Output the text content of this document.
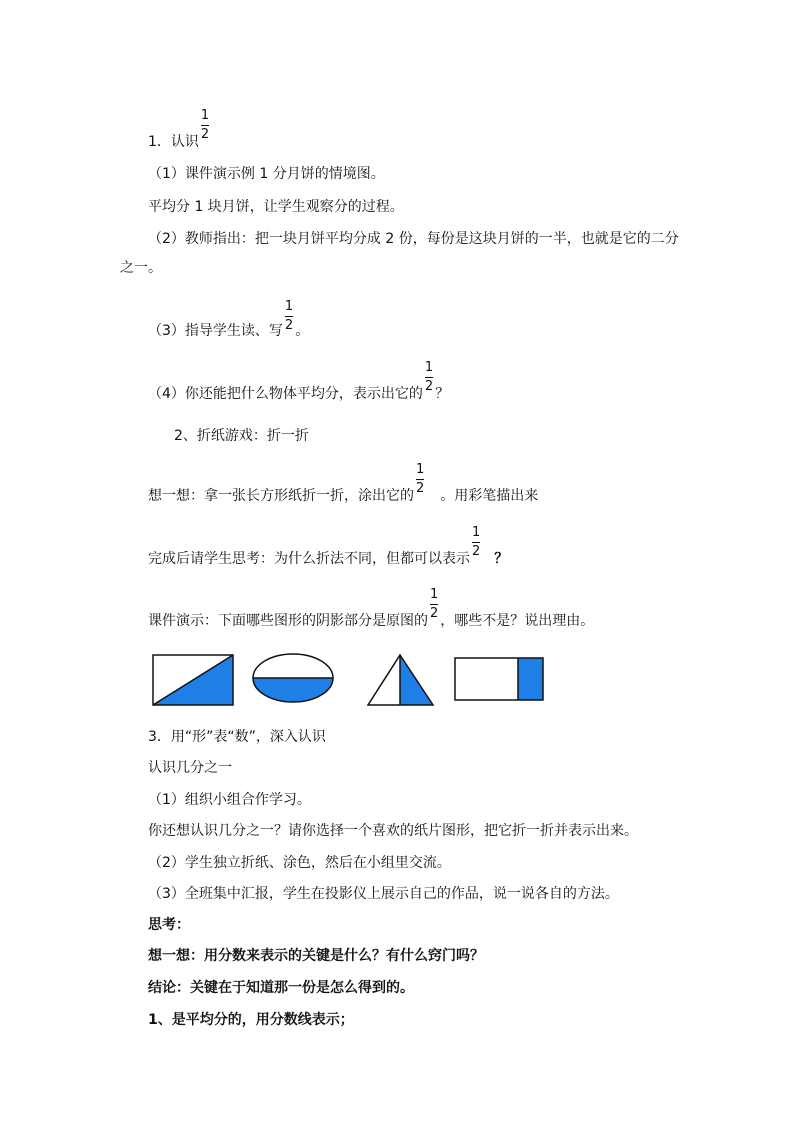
1．认识 $\frac{1}{2}$
（1）课件演示例 1 分月饼的情境图。
平均分 1 块月饼，让学生观察分的过程。
（2）教师指出：把一块月饼平均分成 2 份，每份是这块月饼的一半，也就是它的二分
之一。
（3）指导学生读、写 $\frac{1}{2}$ 。
（4）你还能把什么物体平均分，表示出它的 $\frac{1}{2}$ ？
2、折纸游戏：折一折
想一想：拿一张长方形纸折一折，涂出它的 $\frac{1}{2}$ 。用彩笔描出来
完成后请学生思考：为什么折法不同，但都可以表示 $\frac{1}{2}$ ？
课件演示：下面哪些图形的阴影部分是原图的 $\frac{1}{2}$ ，哪些不是？说出理由。
3．用“形”表“数”，深入认识
认识几分之一
（1）组织小组合作学习。
你还想认识几分之一？请你选择一个喜欢的纸片图形，把它折一折并表示出来。
（2）学生独立折纸、涂色，然后在小组里交流。
（3）全班集中汇报，学生在投影仪上展示自己的作品，说一说各自的方法。
思考：
想一想：用分数来表示的关键是什么？有什么窍门吗？
结论：关键在于知道那一份是怎么得到的。
1、是平均分的，用分数线表示；
